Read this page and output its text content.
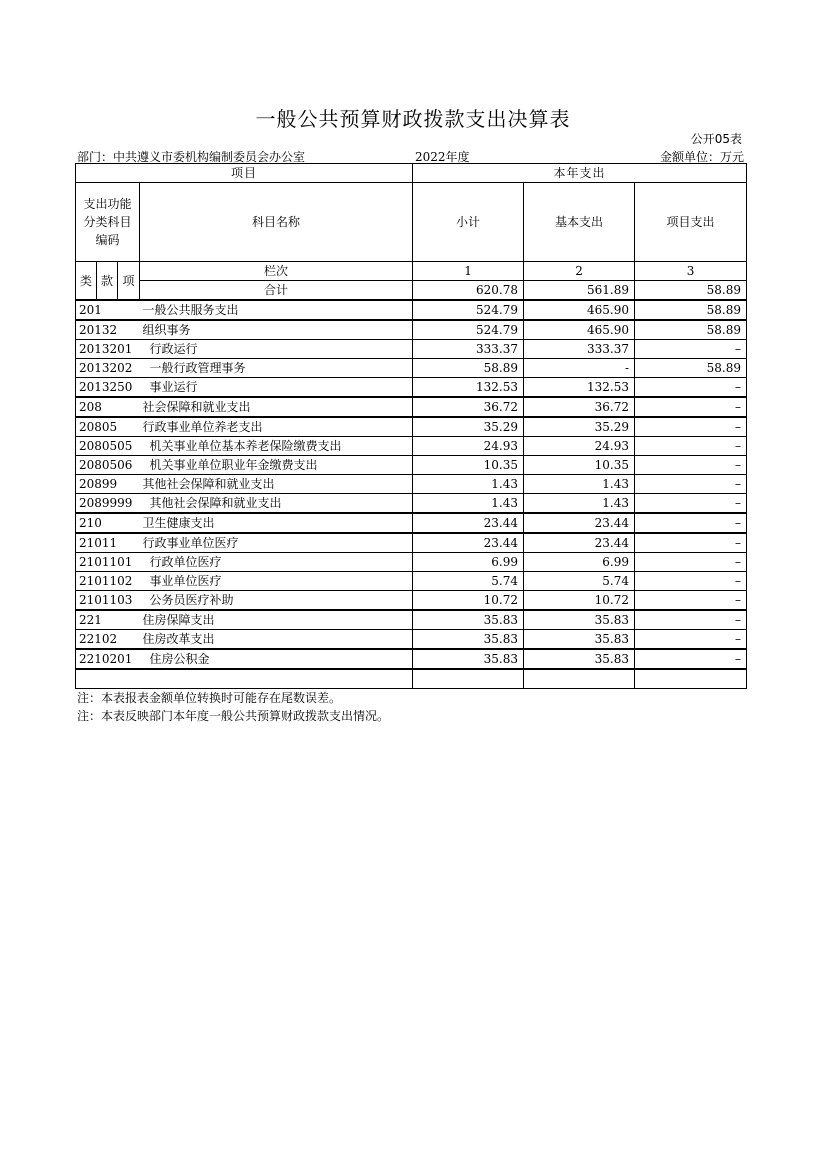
一般公共预算财政拨款支出决算表
公开05表
部门：中共遵义市委机构编制委员会办公室	2022年度	金额单位：万元
项目				本年支出		
支出功能分类科目编码			科目名称	小计	基本支出	项目支出
类	款	项	栏次	1	2	3
			合计	620.78	561.89	58.89
201			一般公共服务支出	524.79	465.90	58.89
20132			组织事务	524.79	465.90	58.89
2013201			行政运行	333.37	333.37	–
2013202			一般行政管理事务	58.89	-	58.89
2013250			事业运行	132.53	132.53	–
208			社会保障和就业支出	36.72	36.72	–
20805			行政事业单位养老支出	35.29	35.29	–
2080505			机关事业单位基本养老保险缴费支出	24.93	24.93	–
2080506			机关事业单位职业年金缴费支出	10.35	10.35	–
20899			其他社会保障和就业支出	1.43	1.43	–
2089999			其他社会保障和就业支出	1.43	1.43	–
210			卫生健康支出	23.44	23.44	–
21011			行政事业单位医疗	23.44	23.44	–
2101101			行政单位医疗	6.99	6.99	–
2101102			事业单位医疗	5.74	5.74	–
2101103			公务员医疗补助	10.72	10.72	–
221			住房保障支出	35.83	35.83	–
22102			住房改革支出	35.83	35.83	–
2210201			住房公积金	35.83	35.83	–

注：本表报表金额单位转换时可能存在尾数误差。
注：本表反映部门本年度一般公共预算财政拨款支出情况。
